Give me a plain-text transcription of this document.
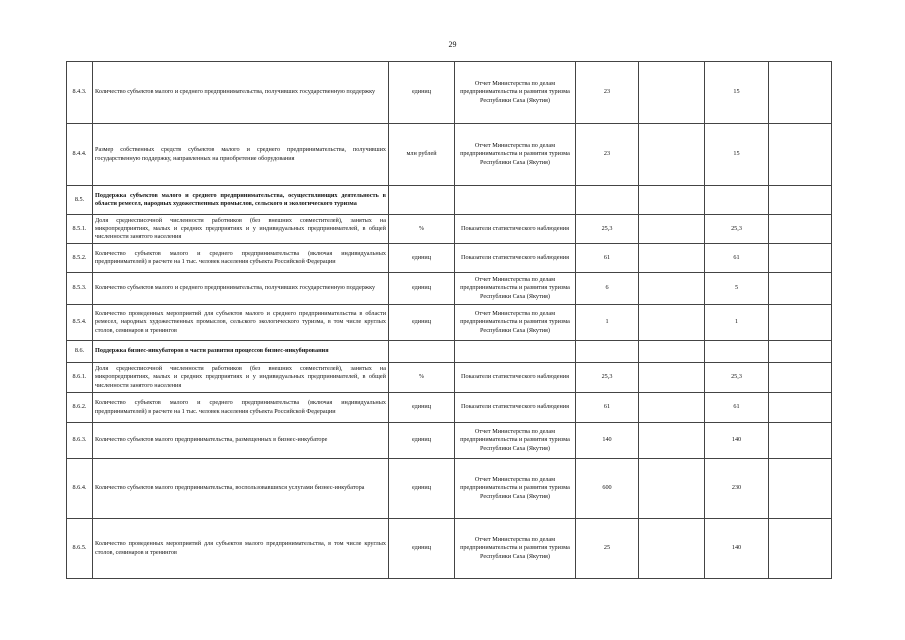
29
8.4.3.	Количество субъектов малого и среднего предпринимательства, получивших государственную поддержку	единиц	Отчет Министерства по делам предпринимательства и развития туризма Республики Саха (Якутия)	23		15	
8.4.4.	Размер собственных средств субъектов малого и среднего предпринимательства, получивших государственную поддержку, направленных на приобретение оборудования	млн рублей	Отчет Министерства по делам предпринимательства и развития туризма Республики Саха (Якутия)	23		15	
8.5.	Поддержка субъектов малого и среднего предпринимательства, осуществляющих деятельность в области ремесел, народных художественных промыслов, сельского и экологического туризма						
8.5.1.	Доля среднесписочной численности работников (без внешних совместителей), занятых на микропредприятиях, малых и средних предприятиях и у индивидуальных предпринимателей, в общей численности занятого населения	%	Показатели статистического наблюдения	25,3		25,3	
8.5.2.	Количество субъектов малого и среднего предпринимательства (включая индивидуальных предпринимателей) в расчете на 1 тыс. человек населения субъекта Российской Федерации	единиц	Показатели статистического наблюдения	61		61	
8.5.3.	Количество субъектов малого и среднего предпринимательства, получивших государственную поддержку	единиц	Отчет Министерства по делам предпринимательства и развития туризма Республики Саха (Якутия)	6		5	
8.5.4.	Количество проведенных мероприятий для субъектов малого и среднего предпринимательства в области ремесел, народных художественных промыслов, сельского экологического туризма, в том числе круглых столов, семинаров и тренингов	единиц	Отчет Министерства по делам предпринимательства и развития туризма Республики Саха (Якутия)	1		1	
8.6.	Поддержка бизнес-инкубаторов в части развития процессов бизнес-инкубирования						
8.6.1.	Доля среднесписочной численности работников (без внешних совместителей), занятых на микропредприятиях, малых и средних предприятиях и у индивидуальных предпринимателей, в общей численности занятого населения	%	Показатели статистического наблюдения	25,3		25,3	
8.6.2.	Количество субъектов малого и среднего предпринимательства (включая индивидуальных предпринимателей) в расчете на 1 тыс. человек населения субъекта Российской Федерации	единиц	Показатели статистического наблюдения	61		61	
8.6.3.	Количество субъектов малого предпринимательства, размещенных в бизнес-инкубаторе	единиц	Отчет Министерства по делам предпринимательства и развития туризма Республики Саха (Якутия)	140		140	
8.6.4.	Количество субъектов малого предпринимательства, воспользовавшихся услугами бизнес-инкубатора	единиц	Отчет Министерства по делам предпринимательства и развития туризма Республики Саха (Якутия)	600		230	
8.6.5.	Количество проведенных мероприятий для субъектов малого предпринимательства, в том числе круглых столов, семинаров и тренингов	единиц	Отчет Министерства по делам предпринимательства и развития туризма Республики Саха (Якутия)	25		140	
